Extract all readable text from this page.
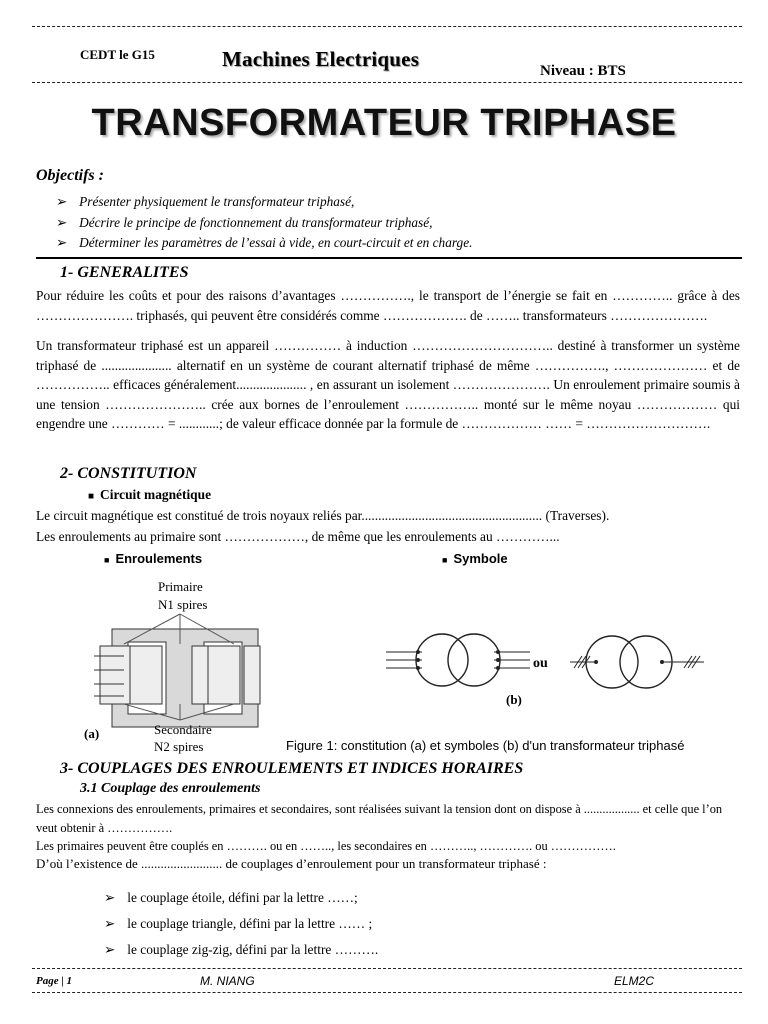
CEDT le G15	Machines Electriques	Niveau : BTS
TRANSFORMATEUR TRIPHASE
Objectifs :
➢ Présenter physiquement le transformateur triphasé,
➢ Décrire le principe de fonctionnement du transformateur triphasé,
➢ Déterminer les paramètres de l’essai à vide, en court-circuit et en charge.
1- GENERALITES
Pour réduire les coûts et pour des raisons d’avantages ……………., le transport de l’énergie se fait en ………….. grâce à des …………………. triphasés, qui peuvent être considérés comme ………………. de …….. transformateurs ………………….
Un transformateur triphasé est un appareil …………… à induction ………………………….. destiné à transformer un système triphasé de ..................... alternatif en un système de courant alternatif triphasé de même ……………., ………………… et de …………….. efficaces généralement..................... , en assurant un isolement …………………. Un enroulement primaire soumis à une tension ………………….. crée aux bornes de l’enroulement …………….. monté sur le même noyau ……………… qui engendre une ………… = ............; de valeur efficace donnée par la formule de ……………… …… = ……………………….
2- CONSTITUTION
■ Circuit magnétique
Le circuit magnétique est constitué de trois noyaux reliés par...................................................... (Traverses).
Les enroulements au primaire sont ………………, de même que les enroulements au …………...
■ Enroulements
■	Symbole
Primaire
N1 spires
(a)	Secondaire
N2 spires
ou
(b)
Figure 1: constitution (a) et symboles (b) d'un transformateur triphasé
3- COUPLAGES DES ENROULEMENTS ET INDICES HORAIRES
3.1 Couplage des enroulements
Les connexions des enroulements, primaires et secondaires, sont réalisées suivant la tension dont on dispose à .................. et celle que l’on veut obtenir à …………….
Les primaires peuvent être couplés en ………. ou en …….., les secondaires en ……….., …………. ou …………….
D’où l’existence de ......................... de couplages d’enroulement pour un transformateur triphasé :
➢ le couplage étoile, défini par la lettre ……;
➢ le couplage triangle, défini par la lettre …… ;
➢ le couplage zig-zig, défini par la lettre ……….
Page | 1	M. NIANG	ELM2C
